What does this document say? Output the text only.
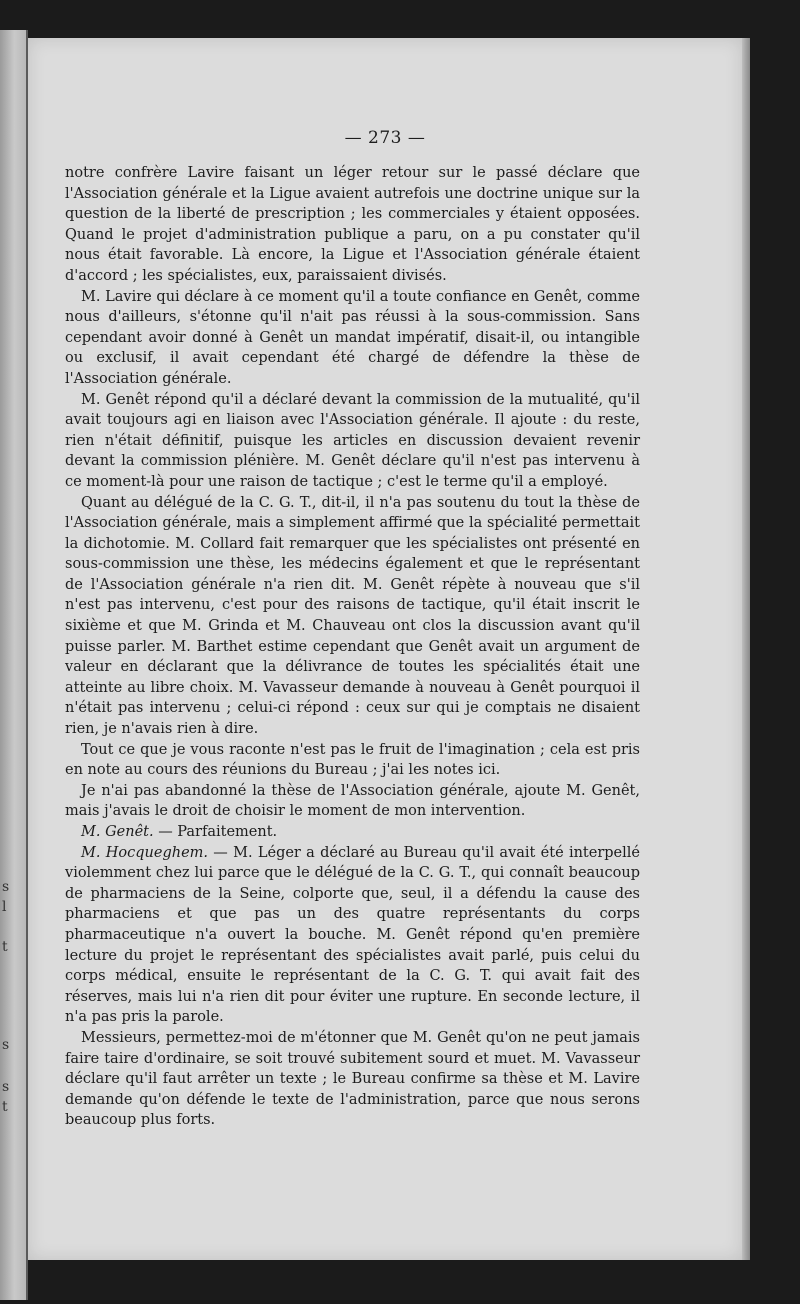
s
l
t
s
s
t
— 273 —

notre confrère Lavire faisant un léger retour sur le passé déclare que l'Association générale et la Ligue avaient autrefois une doctrine unique sur la question de la liberté de prescription ; les commerciales y étaient opposées. Quand le projet d'administration publique a paru, on a pu constater qu'il nous était favorable. Là encore, la Ligue et l'Association générale étaient d'accord ; les spécialistes, eux, paraissaient divisés.

M. Lavire qui déclare à ce moment qu'il a toute confiance en Genêt, comme nous d'ailleurs, s'étonne qu'il n'ait pas réussi à la sous-commission. Sans cependant avoir donné à Genêt un mandat impératif, disait-il, ou intangible ou exclusif, il avait cependant été chargé de défendre la thèse de l'Association générale.

M. Genêt répond qu'il a déclaré devant la commission de la mutualité, qu'il avait toujours agi en liaison avec l'Association générale. Il ajoute : du reste, rien n'était définitif, puisque les articles en discussion devaient revenir devant la commission plénière. M. Genêt déclare qu'il n'est pas intervenu à ce moment-là pour une raison de tactique ; c'est le terme qu'il a employé.

Quant au délégué de la C. G. T., dit-il, il n'a pas soutenu du tout la thèse de l'Association générale, mais a simplement affirmé que la spécialité permettait la dichotomie. M. Collard fait remarquer que les spécialistes ont présenté en sous-commission une thèse, les médecins également et que le représentant de l'Association générale n'a rien dit. M. Genêt répète à nouveau que s'il n'est pas intervenu, c'est pour des raisons de tactique, qu'il était inscrit le sixième et que M. Grinda et M. Chauveau ont clos la discussion avant qu'il puisse parler. M. Barthet estime cependant que Genêt avait un argument de valeur en déclarant que la délivrance de toutes les spécialités était une atteinte au libre choix. M. Vavasseur demande à nouveau à Genêt pourquoi il n'était pas intervenu ; celui-ci répond : ceux sur qui je comptais ne disaient rien, je n'avais rien à dire.

Tout ce que je vous raconte n'est pas le fruit de l'imagination ; cela est pris en note au cours des réunions du Bureau ; j'ai les notes ici.

Je n'ai pas abandonné la thèse de l'Association générale, ajoute M. Genêt, mais j'avais le droit de choisir le moment de mon intervention.

M. Genêt. — Parfaitement.

M. Hocquеghem. — M. Léger a déclaré au Bureau qu'il avait été interpellé violemment chez lui parce que le délégué de la C. G. T., qui connaît beaucoup de pharmaciens de la Seine, colporte que, seul, il a défendu la cause des pharmaciens et que pas un des quatre représentants du corps pharmaceutique n'a ouvert la bouche. M. Genêt répond qu'en première lecture du projet le représentant des spécialistes avait parlé, puis celui du corps médical, ensuite le représentant de la C. G. T. qui avait fait des réserves, mais lui n'a rien dit pour éviter une rupture. En seconde lecture, il n'a pas pris la parole.

Messieurs, permettez-moi de m'étonner que M. Genêt qu'on ne peut jamais faire taire d'ordinaire, se soit trouvé subitement sourd et muet. M. Vavasseur déclare qu'il faut arrêter un texte ; le Bureau confirme sa thèse et M. Lavire demande qu'on défende le texte de l'administration, parce que nous serons beaucoup plus forts.
